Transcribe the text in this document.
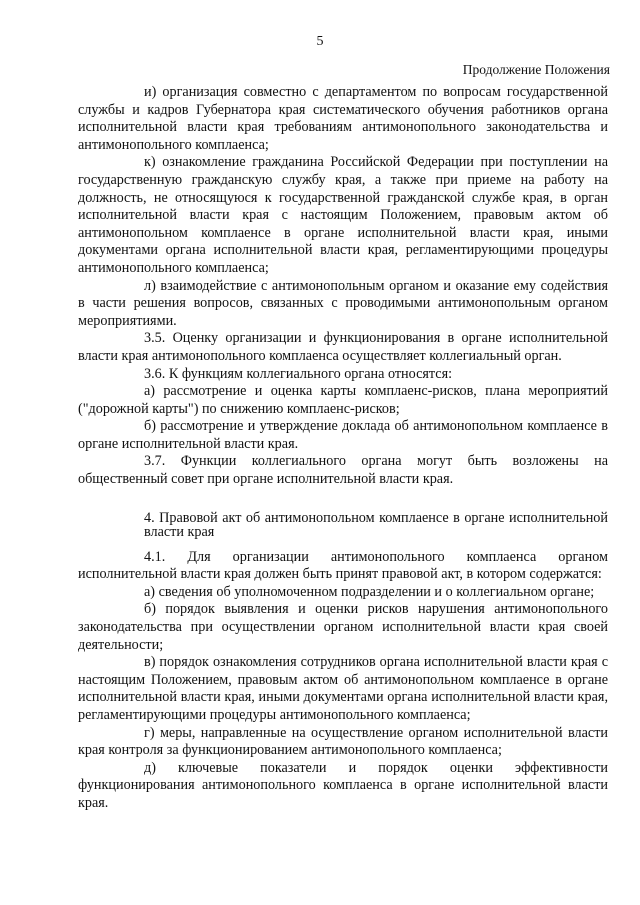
5
Продолжение Положения

и) организация совместно с департаментом по вопросам государственной службы и кадров Губернатора края систематического обучения работников органа исполнительной власти края требованиям антимонопольного законодательства и антимонопольного комплаенса;

к) ознакомление гражданина Российской Федерации при поступлении на государственную гражданскую службу края, а также при приеме на работу на должность, не относящуюся к государственной гражданской службе края, в орган исполнительной власти края с настоящим Положением, правовым актом об антимонопольном комплаенсе в органе исполнительной власти края, иными документами органа исполнительной власти края, регламентирующими процедуры антимонопольного комплаенса;

л) взаимодействие с антимонопольным органом и оказание ему содействия в части решения вопросов, связанных с проводимыми антимонопольным органом мероприятиями.

3.5. Оценку организации и функционирования в органе исполнительной власти края антимонопольного комплаенса осуществляет коллегиальный орган.

3.6. К функциям коллегиального органа относятся:

а) рассмотрение и оценка карты комплаенс-рисков, плана мероприятий ("дорожной карты") по снижению комплаенс-рисков;

б) рассмотрение и утверждение доклада об антимонопольном комплаенсе в органе исполнительной власти края.

3.7. Функции коллегиального органа могут быть возложены на общественный совет при органе исполнительной власти края.

4. Правовой акт об антимонопольном комплаенсе в органе исполнительной власти края

4.1. Для организации антимонопольного комплаенса органом исполнительной власти края должен быть принят правовой акт, в котором содержатся:

а) сведения об уполномоченном подразделении и о коллегиальном органе;

б) порядок выявления и оценки рисков нарушения антимонопольного законодательства при осуществлении органом исполнительной власти края своей деятельности;

в) порядок ознакомления сотрудников органа исполнительной власти края с настоящим Положением, правовым актом об антимонопольном комплаенсе в органе исполнительной власти края, иными документами органа исполнительной власти края, регламентирующими процедуры антимонопольного комплаенса;

г) меры, направленные на осуществление органом исполнительной власти края контроля за функционированием антимонопольного комплаенса;

д) ключевые показатели и порядок оценки эффективности функционирования антимонопольного комплаенса в органе исполнительной власти края.
